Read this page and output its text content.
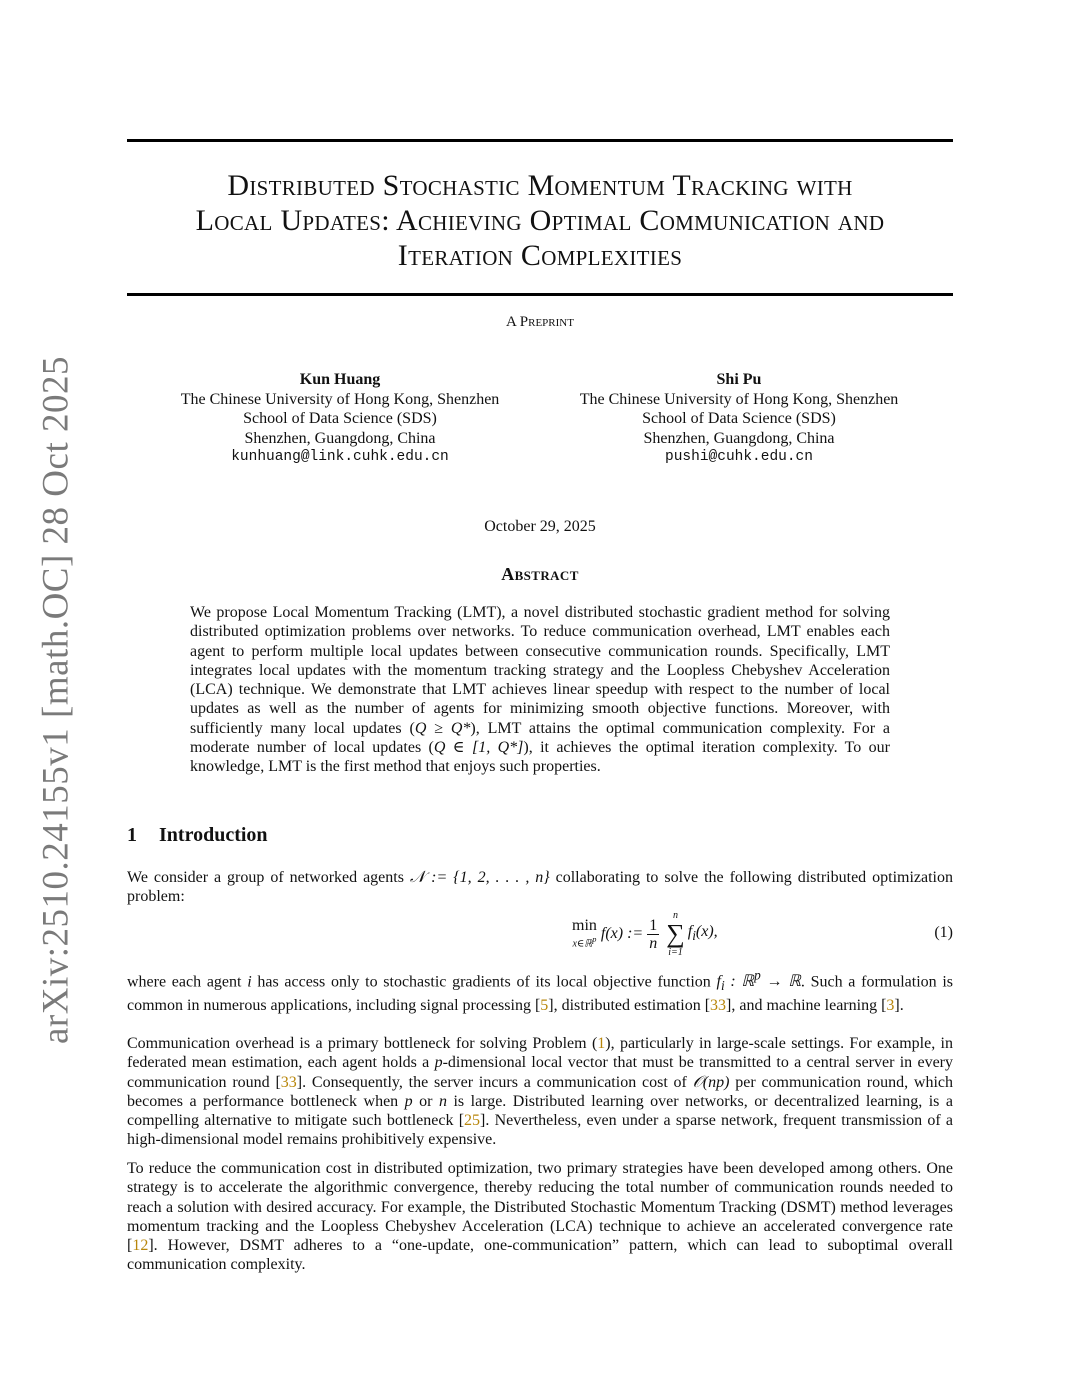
arXiv:2510.24155v1 [math.OC] 28 Oct 2025
Distributed Stochastic Momentum Tracking with
Local Updates: Achieving Optimal Communication and
Iteration Complexities
A Preprint
Kun Huang
The Chinese University of Hong Kong, Shenzhen
School of Data Science (SDS)
Shenzhen, Guangdong, China
kunhuang@link.cuhk.edu.cn
Shi Pu
The Chinese University of Hong Kong, Shenzhen
School of Data Science (SDS)
Shenzhen, Guangdong, China
pushi@cuhk.edu.cn
October 29, 2025
Abstract
We propose Local Momentum Tracking (LMT), a novel distributed stochastic gradient method for solving distributed optimization problems over networks. To reduce communication overhead, LMT enables each agent to perform multiple local updates between consecutive communication rounds. Specifically, LMT integrates local updates with the momentum tracking strategy and the Loopless Chebyshev Acceleration (LCA) technique. We demonstrate that LMT achieves linear speedup with respect to the number of local updates as well as the number of agents for minimizing smooth objective functions. Moreover, with sufficiently many local updates (Q ≥ Q*), LMT attains the optimal communication complexity. For a moderate number of local updates (Q ∈ [1, Q*]), it achieves the optimal iteration complexity. To our knowledge, LMT is the first method that enjoys such properties.
1 Introduction

We consider a group of networked agents 𝒩 := {1, 2, . . . , n} collaborating to solve the following distributed optimization problem:

min
x∈ℝ$^p$ f(x) := $\frac{1}{n}$
n
∑
i=1
$f_i(x)$,	(1)

where each agent i has access only to stochastic gradients of its local objective function $f_i$ : ℝ$^p$ → ℝ. Such a formulation is common in numerous applications, including signal processing [5], distributed estimation [33], and machine learning [3].

Communication overhead is a primary bottleneck for solving Problem (1), particularly in large-scale settings. For example, in federated mean estimation, each agent holds a p-dimensional local vector that must be transmitted to a central server in every communication round [33]. Consequently, the server incurs a communication cost of 𝒪(np) per communication round, which becomes a performance bottleneck when p or n is large. Distributed learning over networks, or decentralized learning, is a compelling alternative to mitigate such bottleneck [25]. Nevertheless, even under a sparse network, frequent transmission of a high-dimensional model remains prohibitively expensive.

To reduce the communication cost in distributed optimization, two primary strategies have been developed among others. One strategy is to accelerate the algorithmic convergence, thereby reducing the total number of communication rounds needed to reach a solution with desired accuracy. For example, the Distributed Stochastic Momentum Tracking (DSMT) method leverages momentum tracking and the Loopless Chebyshev Acceleration (LCA) technique to achieve an accelerated convergence rate [12]. However, DSMT adheres to a “one-update, one-communication” pattern, which can lead to suboptimal overall communication complexity.
